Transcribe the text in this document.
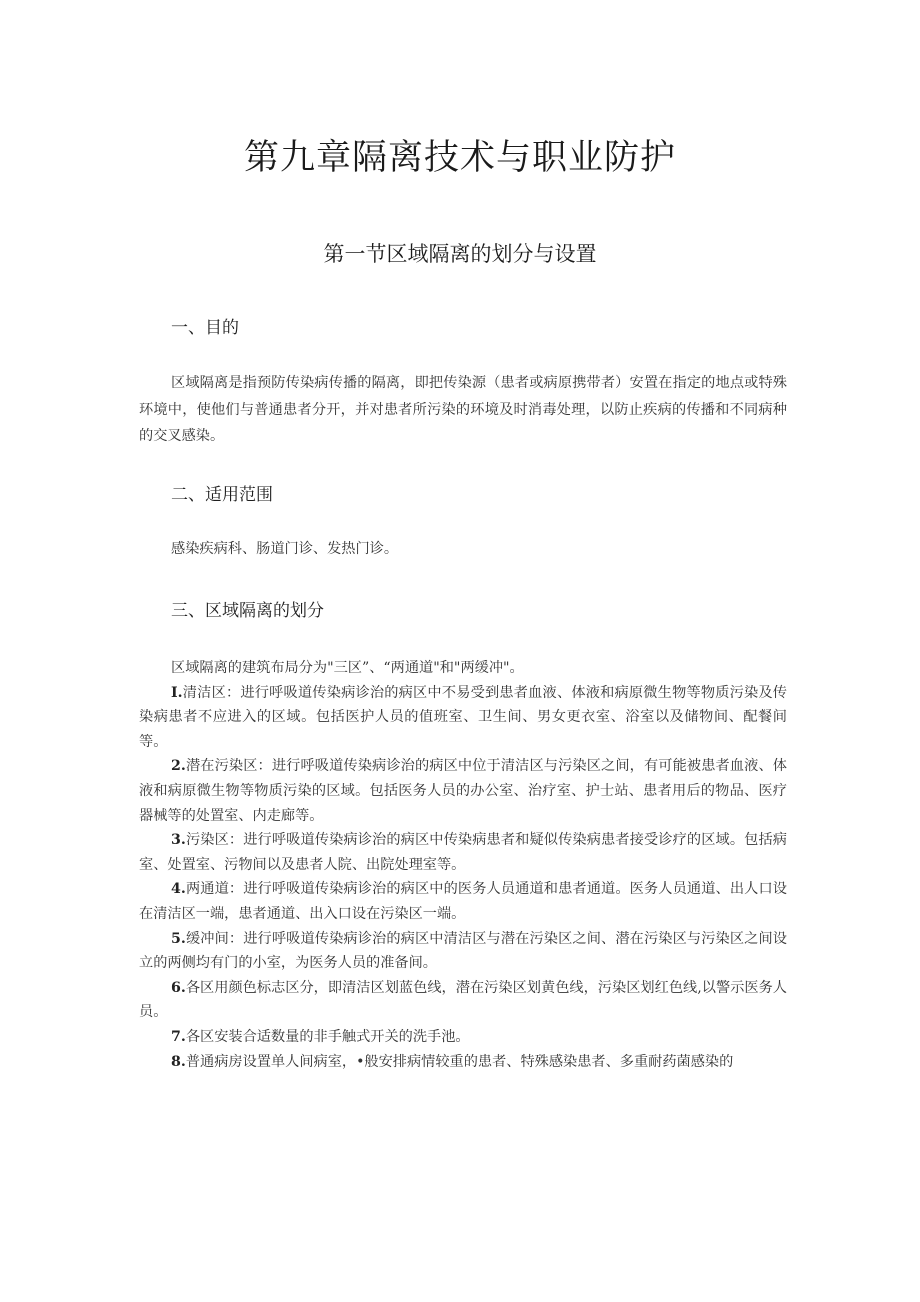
第九章隔离技术与职业防护
第一节区域隔离的划分与设置
一、目的

区域隔离是指预防传染病传播的隔离，即把传染源（患者或病原携带者）安置在指定的地点或特殊环境中，使他们与普通患者分开，并对患者所污染的环境及时消毒处理，以防止疾病的传播和不同病种的交叉感染。

二、适用范围

感染疾病科、肠道门诊、发热门诊。

三、区域隔离的划分

区域隔离的建筑布局分为"三区”、“两通道"和"两缓冲"。

I.清洁区：进行呼吸道传染病诊治的病区中不易受到患者血液、体液和病原微生物等物质污染及传染病患者不应进入的区域。包括医护人员的值班室、卫生间、男女更衣室、浴室以及储物间、配餐间等。

2.潜在污染区：进行呼吸道传染病诊治的病区中位于清洁区与污染区之间，有可能被患者血液、体液和病原微生物等物质污染的区域。包括医务人员的办公室、治疗室、护士站、患者用后的物品、医疗器械等的处置室、内走廊等。

3.污染区：进行呼吸道传染病诊治的病区中传染病患者和疑似传染病患者接受诊疗的区域。包括病室、处置室、污物间以及患者人院、出院处理室等。

4.两通道：进行呼吸道传染病诊治的病区中的医务人员通道和患者通道。医务人员通道、出人口设在清洁区一端，患者通道、出入口设在污染区一端。

5.缓冲间：进行呼吸道传染病诊治的病区中清洁区与潜在污染区之间、潜在污染区与污染区之间设立的两侧均有门的小室，为医务人员的准备间。

6.各区用颜色标志区分，即清洁区划蓝色线，潜在污染区划黄色线，污染区划红色线,以警示医务人员。

7.各区安装合适数量的非手触式开关的洗手池。

8.普通病房设置单人间病室，•般安排病情较重的患者、特殊感染患者、多重耐药菌感染的
